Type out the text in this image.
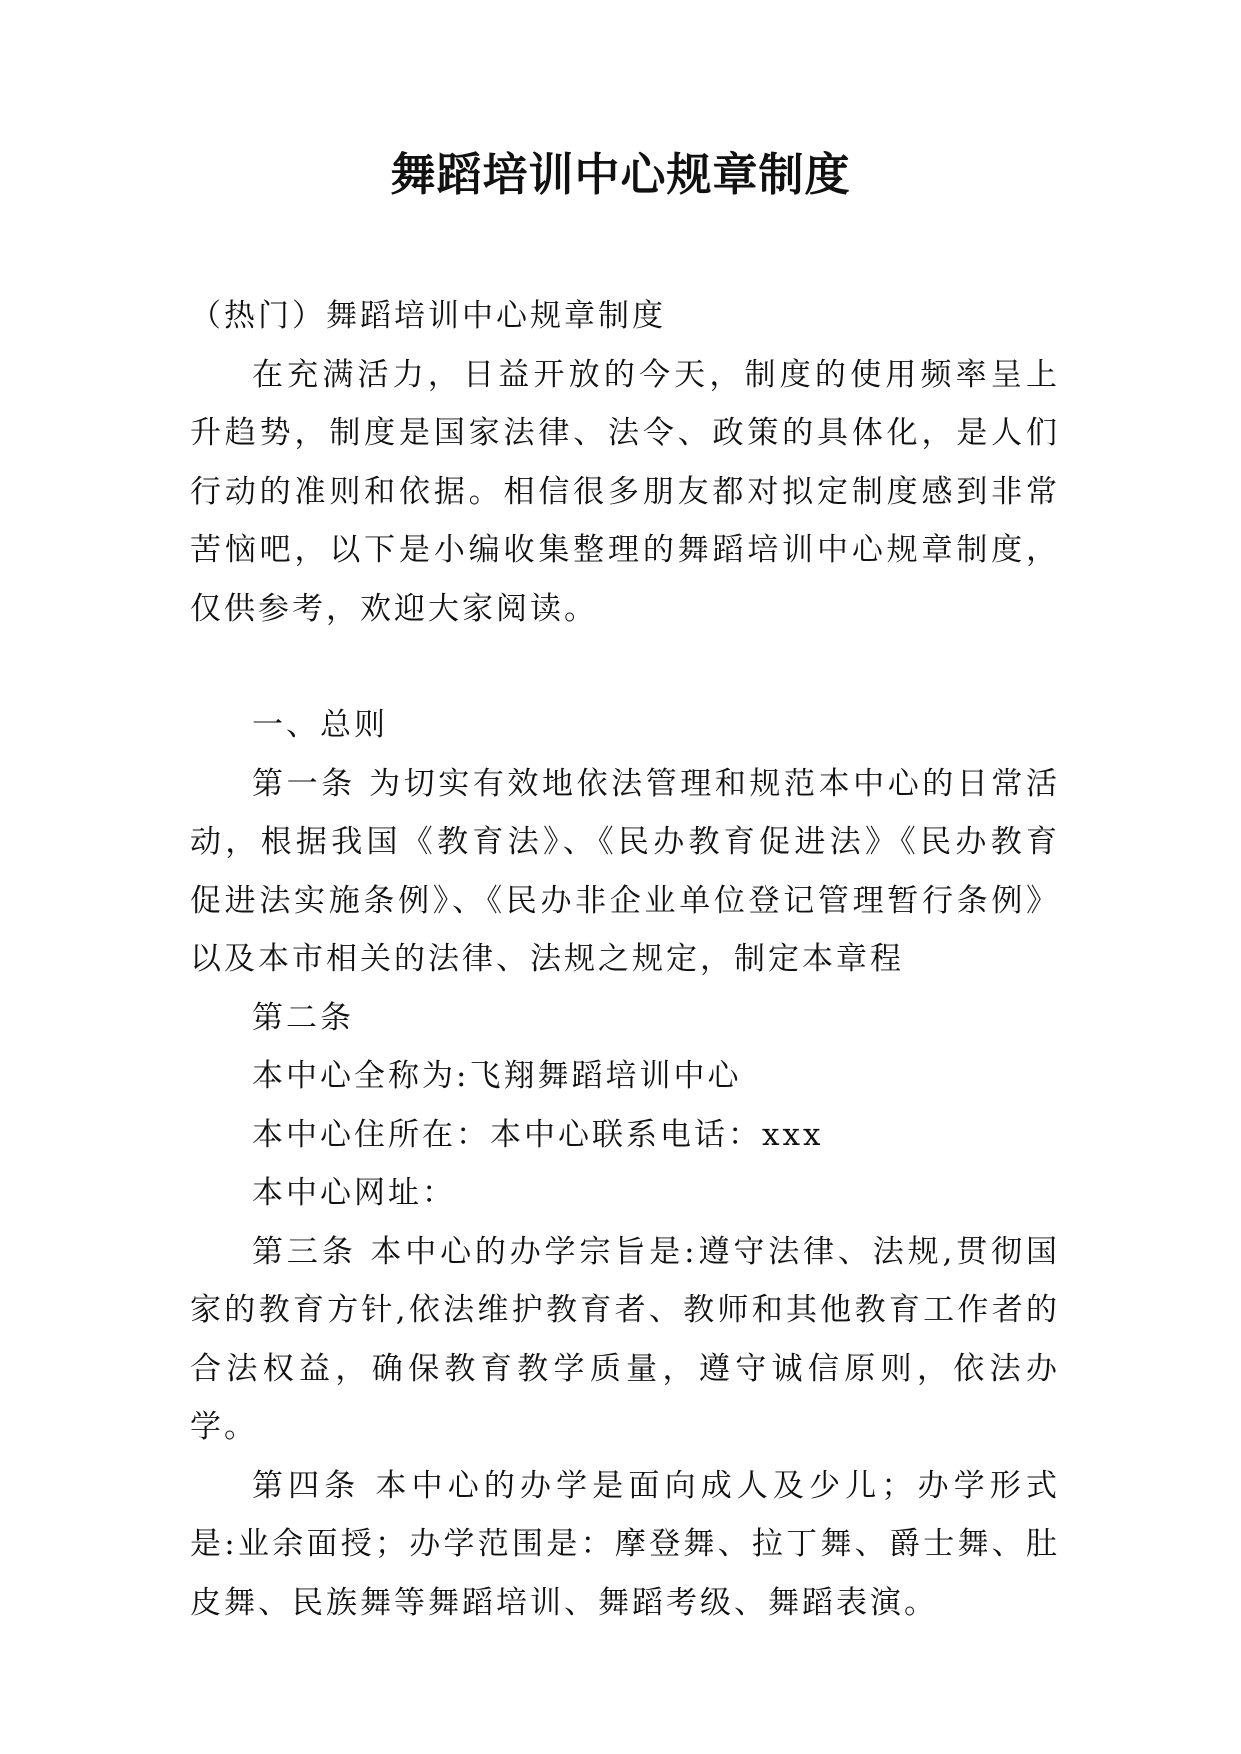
舞蹈培训中心规章制度

（热门）舞蹈培训中心规章制度

在充满活力，日益开放的今天，制度的使用频率呈上升趋势，制度是国家法律、法令、政策的具体化，是人们行动的准则和依据。相信很多朋友都对拟定制度感到非常苦恼吧，以下是小编收集整理的舞蹈培训中心规章制度，仅供参考，欢迎大家阅读。

一、总则

第一条 为切实有效地依法管理和规范本中心的日常活动，根据我国《教育法》、《民办教育促进法》《民办教育促进法实施条例》、《民办非企业单位登记管理暂行条例》以及本市相关的法律、法规之规定，制定本章程

第二条

本中心全称为:飞翔舞蹈培训中心

本中心住所在：本中心联系电话：xxx

本中心网址：

第三条 本中心的办学宗旨是:遵守法律、法规,贯彻国家的教育方针,依法维护教育者、教师和其他教育工作者的合法权益，确保教育教学质量，遵守诚信原则，依法办学。

第四条 本中心的办学是面向成人及少儿；办学形式是:业余面授；办学范围是：摩登舞、拉丁舞、爵士舞、肚皮舞、民族舞等舞蹈培训、舞蹈考级、舞蹈表演。
